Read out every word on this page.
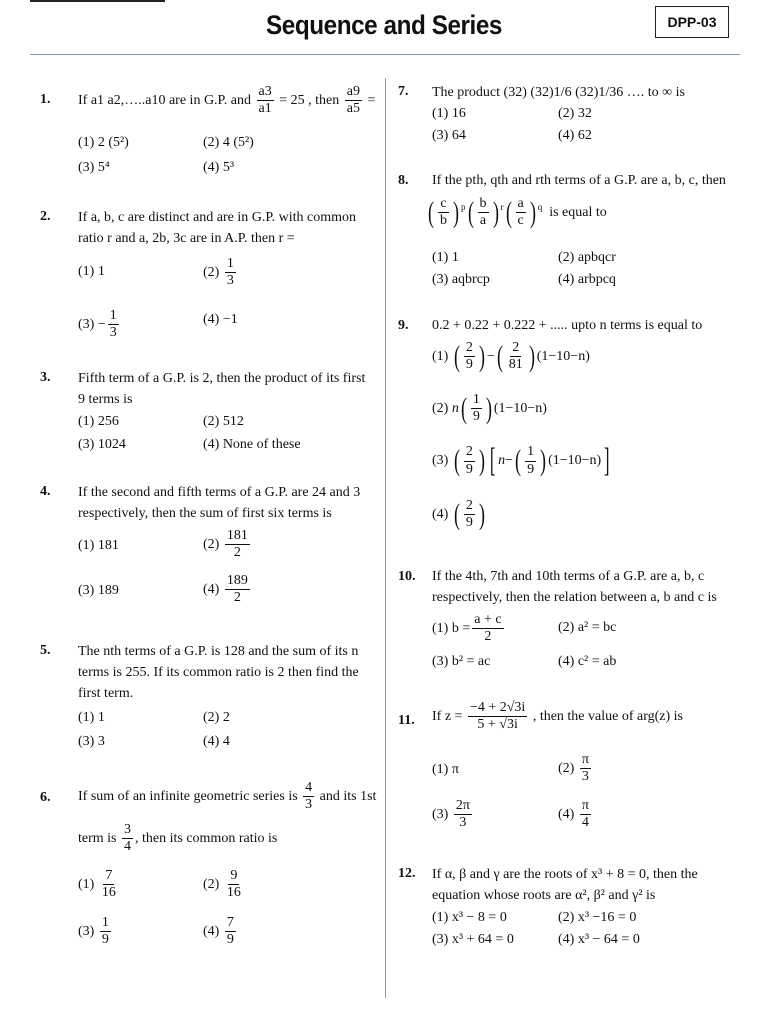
Sequence and Series	DPP-03
1. If a1 a2,…..a10 are in G.P. and $\frac{a3}{a1} = 25$ , then $\frac{a9}{a5}$ =
(1) 2 (5²)	(2) 4 (5²)
(3) 5⁴	(4) 5³
2. If a, b, c are distinct and are in G.P. with common
ratio r and a, 2b, 3c are in A.P. then r =
(1) 1	$(2) \frac{1}{3}$
$(3) - \frac{1}{3}$	(4) −1
3. Fifth term of a G.P. is 2, then the product of its first
9 terms is
(1) 256	(2) 512
(3) 1024	(4) None of these
4. If the second and fifth terms of a G.P. are 24 and 3
respectively, then the sum of first six terms is
(1) 181	$(2) \frac{181}{2}$
(3) 189	$(4) \frac{189}{2}$
5. The nth terms of a G.P. is 128 and the sum of its n
terms is 255. If its common ratio is 2 then find the
first term.
(1) 1	(2) 2
(3) 3	(4) 4
6. If sum of an infinite geometric series is $\frac{4}{3}$ and its 1st
term is $\frac{3}{4}$ , then its common ratio is
$(1) \frac{7}{16}$	$(2) \frac{9}{16}$
$(3) \frac{1}{9}$	$(4) \frac{7}{9}$
7. The product (32) (32)1/6 (32)1/36 …. to ∞ is
(1) 16	(2) 32
(3) 64	(4) 62
8. If the pth, qth and rth terms of a G.P. are a, b, c, then
( $\frac{c}{b}$ ) $^p( \frac{b}{a}$ ) $^r( \frac{a}{c}$ ) $^q$ is equal to
(1) 1	(2) apbqcr
(3) aqbrcp	(4) arbpcq
9. 0.2 + 0.22 + 0.222 + ..... upto n terms is equal to
(1) ( $\frac{2}{9}$ ) −( $\frac{2}{81}$ ) (1−10−n)
(2) $n( \frac{1}{9}$ ) (1−10−n)
(3) ( $\frac{2}{9}$ ) [ $n-( \frac{1}{9}$ ) (1−10−n)]
(4) ( $\frac{2}{9}$ )
10. If the 4th, 7th and 10th terms of a G.P. are a, b, c
respectively, then the relation between a, b and c is
(1) $b = \frac{a + c}{2}$	(2) a² = bc
(3) b² = ac	(4) c² = ab
11. If $z = \frac{-4 + 2√3i}{5 + √3i}$ , then the value of arg(z) is
(1) π	$(2) \frac{\pi}{3}$
$(3) \frac{2\pi}{3}$	$(4) \frac{\pi}{4}$
12. If α, β and γ are the roots of x³ + 8 = 0, then the
equation whose roots are α², β² and γ² is
(1) x³ − 8 = 0	(2) x³ −16 = 0
(3) x³ + 64 = 0	(4) x³ − 64 = 0
